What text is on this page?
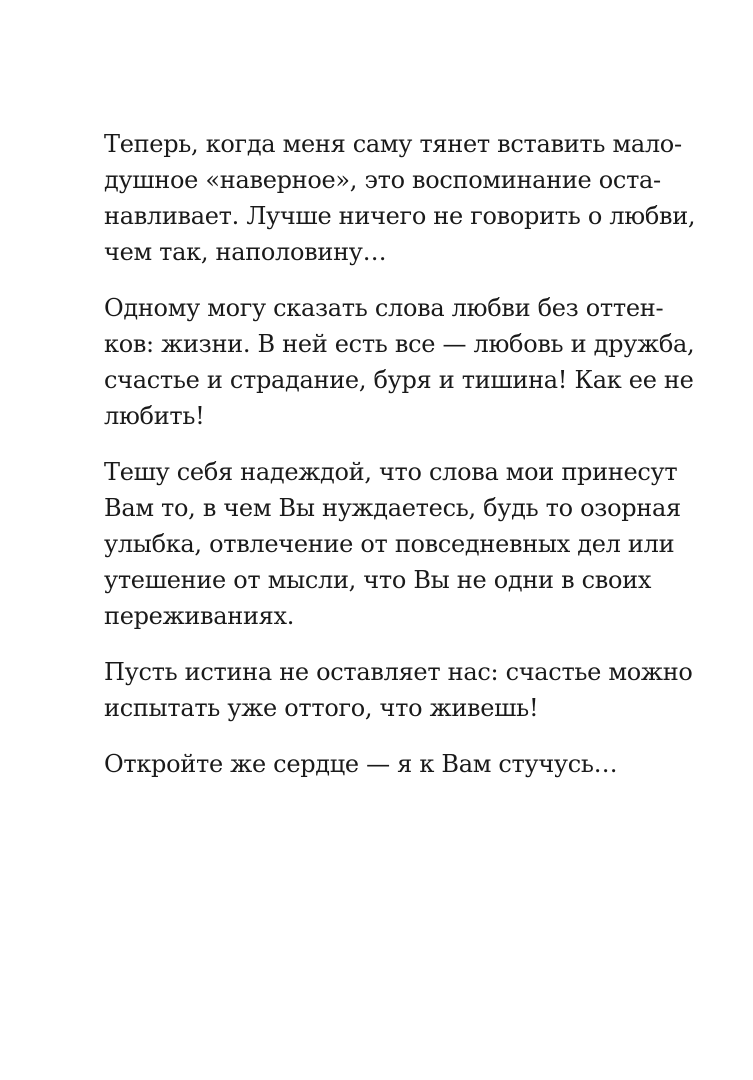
Теперь, когда меня саму тянет вставить мало-
душное «наверное», это воспоминание оста-
навливает. Лучше ничего не говорить о любви,
чем так, наполовину…

Одному могу сказать слова любви без оттен-
ков: жизни. В ней есть все — любовь и дружба,
счастье и страдание, буря и тишина! Как ее не
любить!

Тешу себя надеждой, что слова мои принесут
Вам то, в чем Вы нуждаетесь, будь то озорная
улыбка, отвлечение от повседневных дел или
утешение от мысли, что Вы не одни в своих
переживаниях.

Пусть истина не оставляет нас: счастье можно
испытать уже оттого, что живешь!

Откройте же сердце — я к Вам стучусь…
